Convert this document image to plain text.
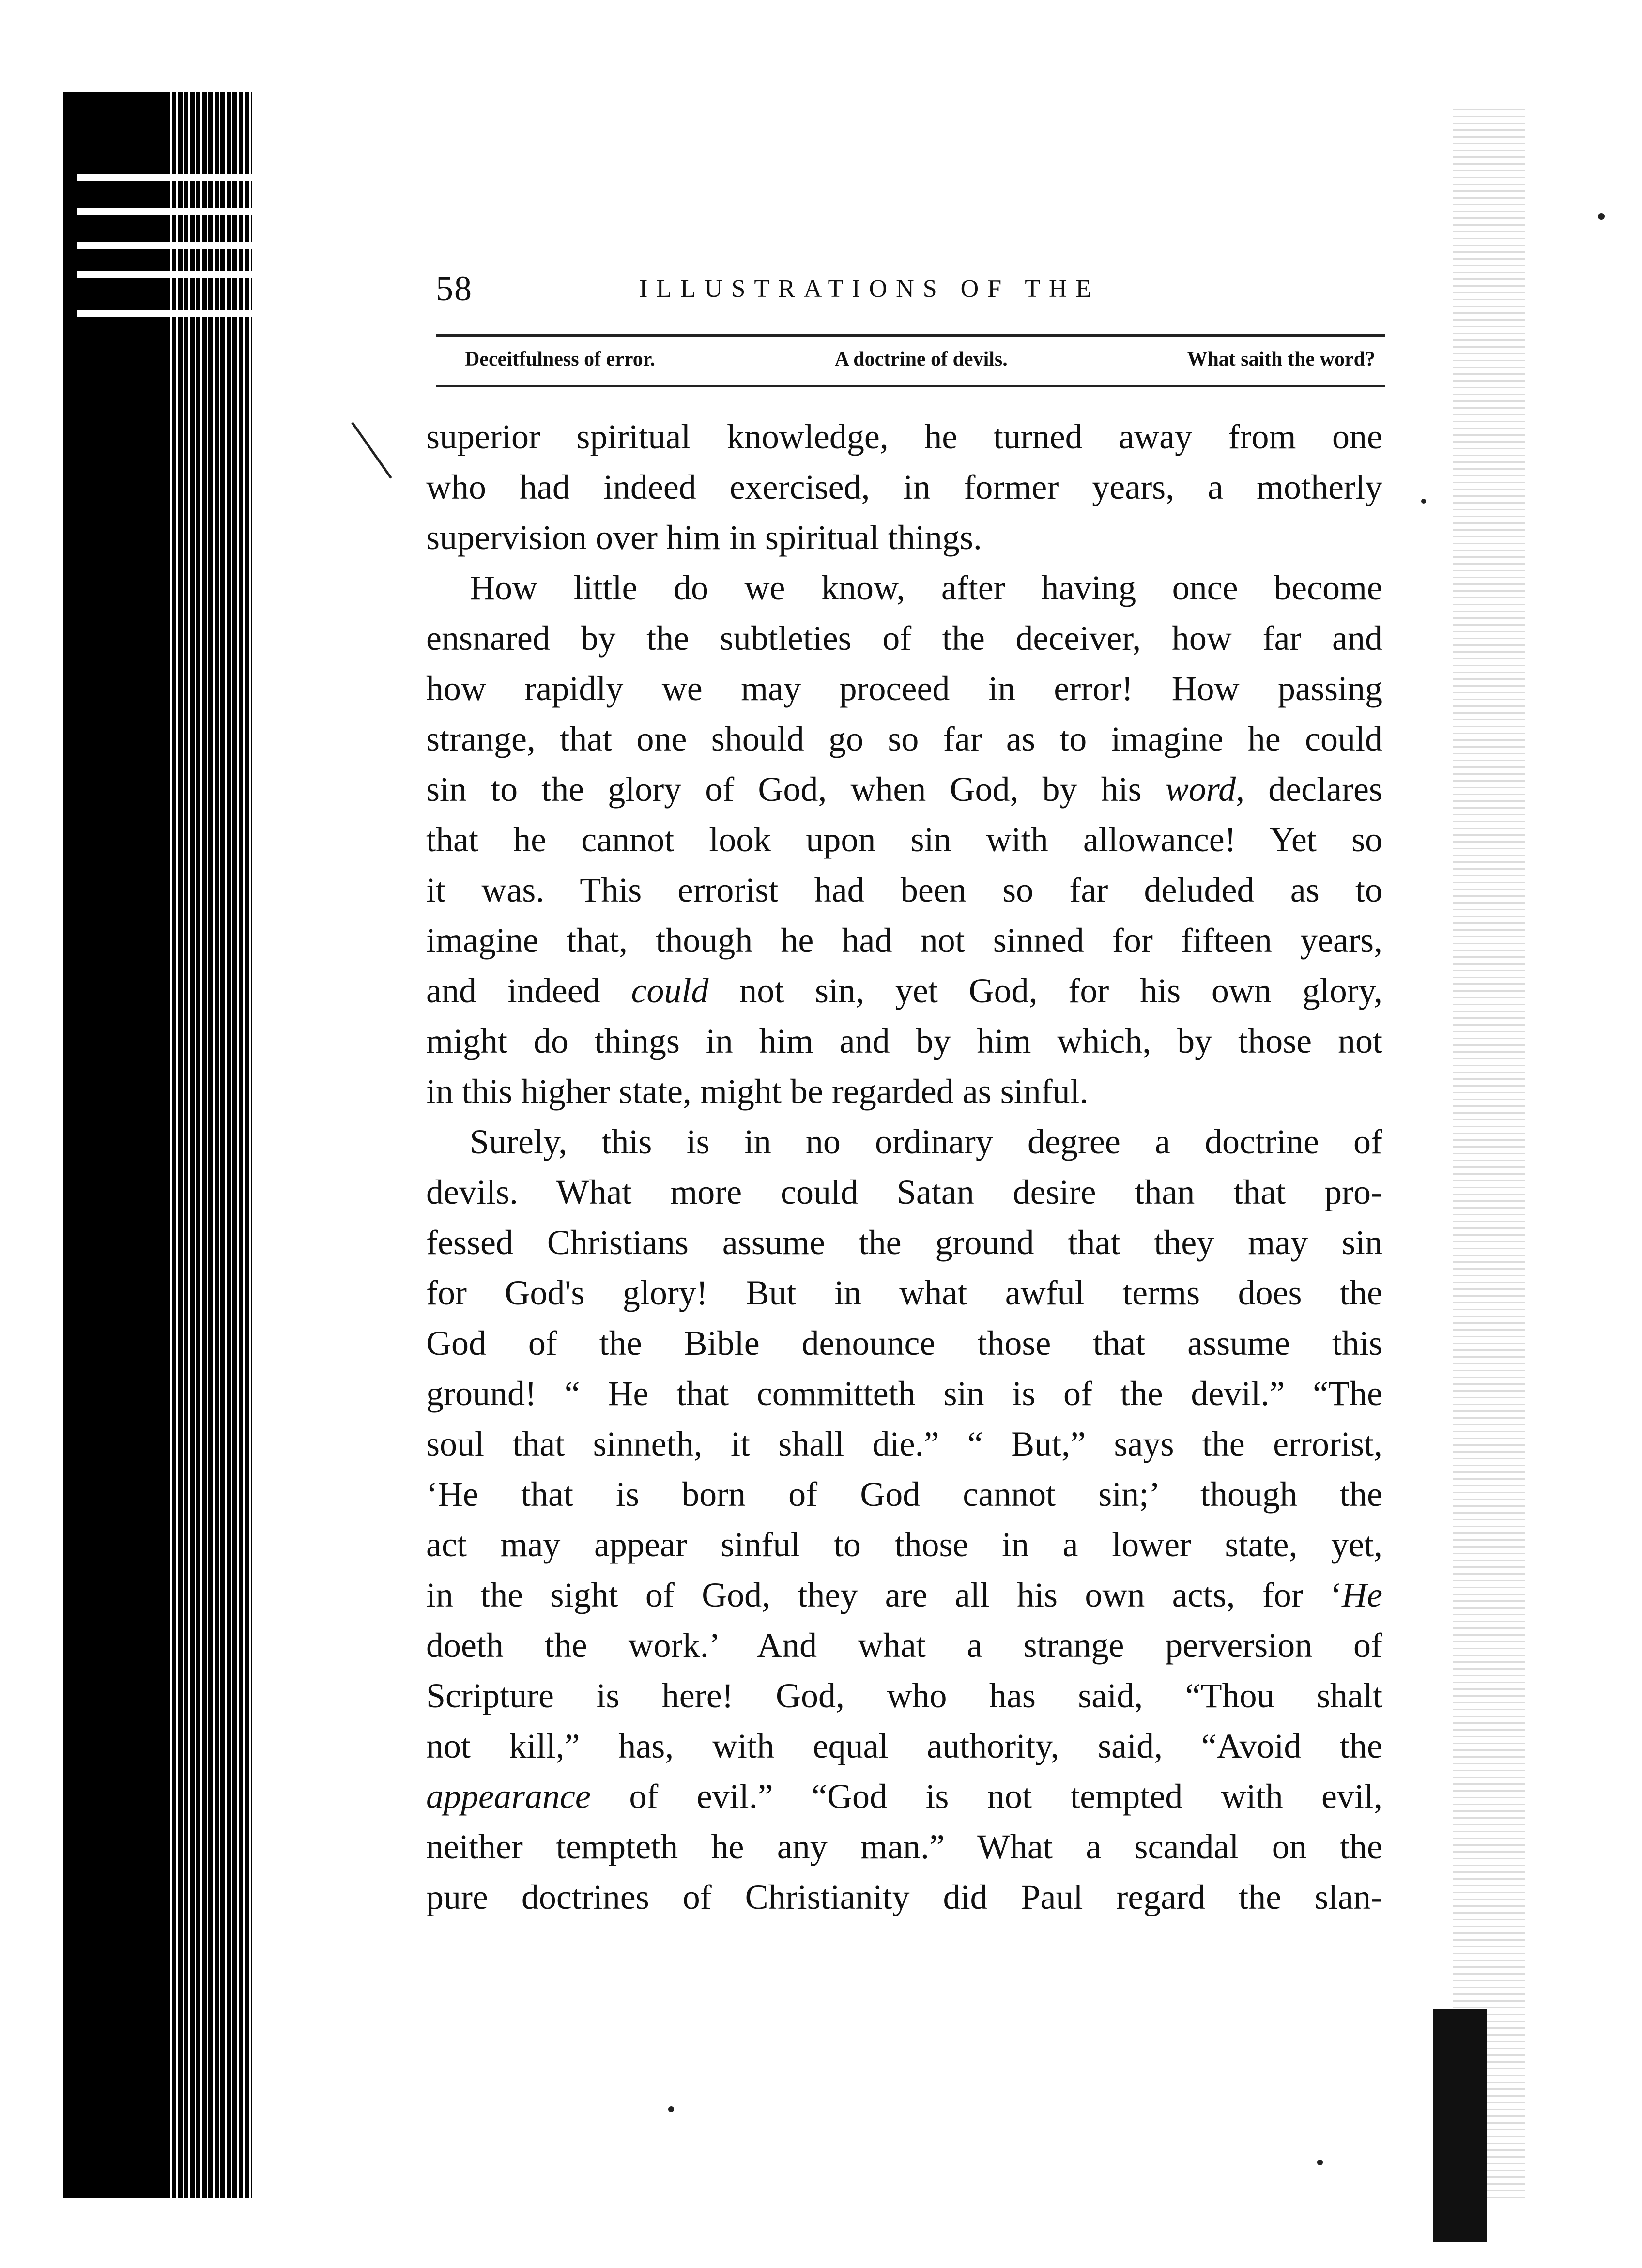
58	ILLUSTRATIONS OF THE
Deceitfulness of error.	A doctrine of devils.	What saith the word?
superior spiritual knowledge, he turned away from one
who had indeed exercised, in former years, a motherly
supervision over him in spiritual things.
How little do we know, after having once become
ensnared by the subtleties of the deceiver, how far and
how rapidly we may proceed in error! How passing
strange, that one should go so far as to imagine he could
sin to the glory of God, when God, by his word, declares
that he cannot look upon sin with allowance! Yet so
it was. This errorist had been so far deluded as to
imagine that, though he had not sinned for fifteen years,
and indeed could not sin, yet God, for his own glory,
might do things in him and by him which, by those not
in this higher state, might be regarded as sinful.
Surely, this is in no ordinary degree a doctrine of
devils. What more could Satan desire than that pro-
fessed Christians assume the ground that they may sin
for God's glory! But in what awful terms does the
God of the Bible denounce those that assume this
ground! “ He that committeth sin is of the devil.” “The
soul that sinneth, it shall die.” “ But,” says the errorist,
‘He that is born of God cannot sin;’ though the
act may appear sinful to those in a lower state, yet,
in the sight of God, they are all his own acts, for ‘He
doeth the work.’ And what a strange perversion of
Scripture is here! God, who has said, “Thou shalt
not kill,” has, with equal authority, said, “Avoid the
appearance of evil.” “God is not tempted with evil,
neither tempteth he any man.” What a scandal on the
pure doctrines of Christianity did Paul regard the slan-
